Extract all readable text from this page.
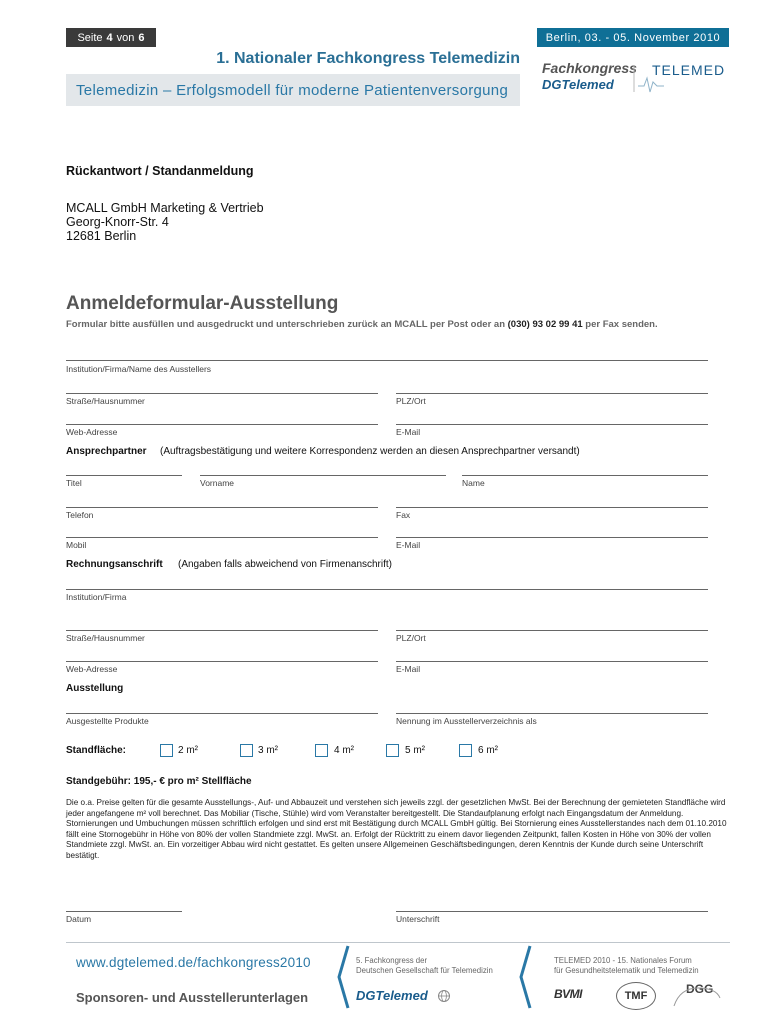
Seite 4 von 6	Berlin, 03. - 05. November 2010
1. Nationaler Fachkongress Telemedizin
Telemedizin – Erfolgsmodell für moderne Patientenversorgung
Fachkongress
DGTelemed
TELEMED
Rückantwort / Standanmeldung
MCALL GmbH Marketing & Vertrieb
Georg-Knorr-Str. 4
12681 Berlin
Anmeldeformular-Ausstellung
Formular bitte ausfüllen und ausgedruckt und unterschrieben zurück an MCALL per Post oder an (030) 93 02 99 41 per Fax senden.
Institution/Firma/Name des Ausstellers
Straße/Hausnummer	PLZ/Ort
Web-Adresse	E-Mail
Ansprechpartner (Auftragsbestätigung und weitere Korrespondenz werden an diesen Ansprechpartner versandt)
Titel	Vorname	Name
Telefon	Fax
Mobil	E-Mail
Rechnungsanschrift (Angaben falls abweichend von Firmenanschrift)
Institution/Firma
Straße/Hausnummer	PLZ/Ort
Web-Adresse	E-Mail
Ausstellung
Ausgestellte Produkte	Nennung im Ausstellerverzeichnis als
Standfläche:	2 m²	3 m²	4 m²	5 m²	6 m²
Standgebühr: 195,- € pro m² Stellfläche
Die o.a. Preise gelten für die gesamte Ausstellungs-, Auf- und Abbauzeit und verstehen sich jeweils zzgl. der gesetzlichen MwSt. Bei der Berechnung der gemieteten Standfläche wird jeder angefangene m² voll berechnet. Das Mobiliar (Tische, Stühle) wird vom Veranstalter bereitgestellt. Die Standaufplanung erfolgt nach Eingangsdatum der Anmeldung. Stornierungen und Umbuchungen müssen schriftlich erfolgen und sind erst mit Bestätigung durch MCALL GmbH gültig. Bei Stornierung eines Ausstellerstandes nach dem 01.10.2010 fällt eine Stornogebühr in Höhe von 80% der vollen Standmiete zzgl. MwSt. an. Erfolgt der Rücktritt zu einem davor liegenden Zeitpunkt, fallen Kosten in Höhe von 30% der vollen Standmiete zzgl. MwSt. an. Ein vorzeitiger Abbau wird nicht gestattet. Es gelten unsere Allgemeinen Geschäftsbedingungen, deren Kenntnis der Kunde durch seine Unterschrift bestätigt.
Datum	Unterschrift
www.dgtelemed.de/fachkongress2010
Sponsoren- und Ausstellerunterlagen
5. Fachkongress der
Deutschen Gesellschaft für Telemedizin
DGTelemed
TELEMED 2010 - 15. Nationales Forum
für Gesundheitstelematik und Telemedizin
BVMI	TMF	DGG
